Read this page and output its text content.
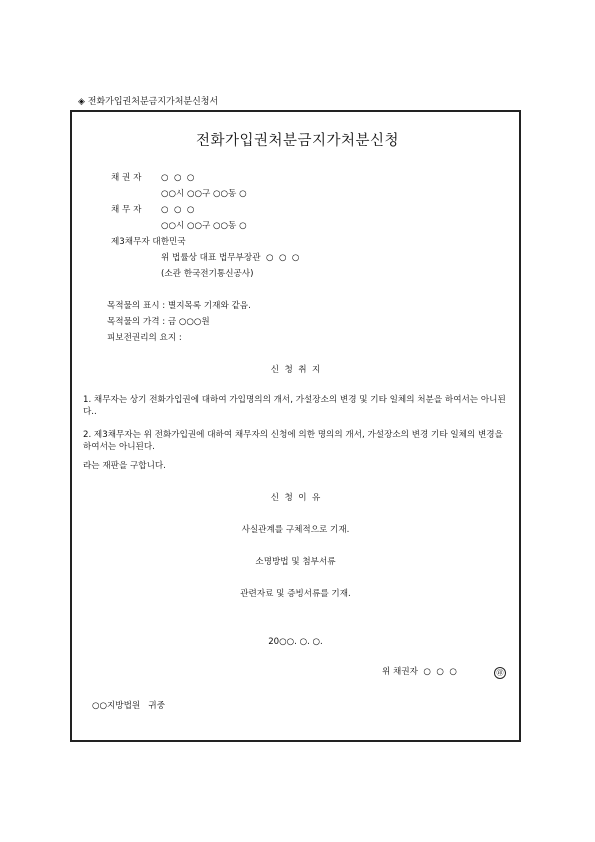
◈ 전화가입권처분금지가처분신청서
전화가입권처분금지가처분신청
채 권 자 ○  ○  ○
○○시 ○○구 ○○동 ○
채 무 자 ○  ○  ○
○○시 ○○구 ○○동 ○
제3채무자 대한민국
위 법률상 대표 법무부장관  ○  ○  ○
(소관 한국전기통신공사)
목적물의 표시 : 별지목록 기재와 같음.
목적물의 가격 : 금 ○○○원
피보전권리의 요지 :
신  청  취  지
1. 채무자는 상기 전화가입권에 대하여 가입명의의 개서, 가설장소의 변경 및 기타 일체의 처분을 하여서는 아니된다..
2. 제3채무자는 위 전화가입권에 대하여 채무자의 신청에 의한 명의의 개서, 가설장소의 변경 기타 일체의 변경을 하여서는 아니된다.
라는 재판을 구합니다.
신  청  이  유
사실관계를 구체적으로 기재.
소명방법 및 첨부서류
관련자료 및 증빙서류를 기재.
20○○. ○. ○.
위 채권자  ○  ○  ○	㊞
○○지방법원   귀중
